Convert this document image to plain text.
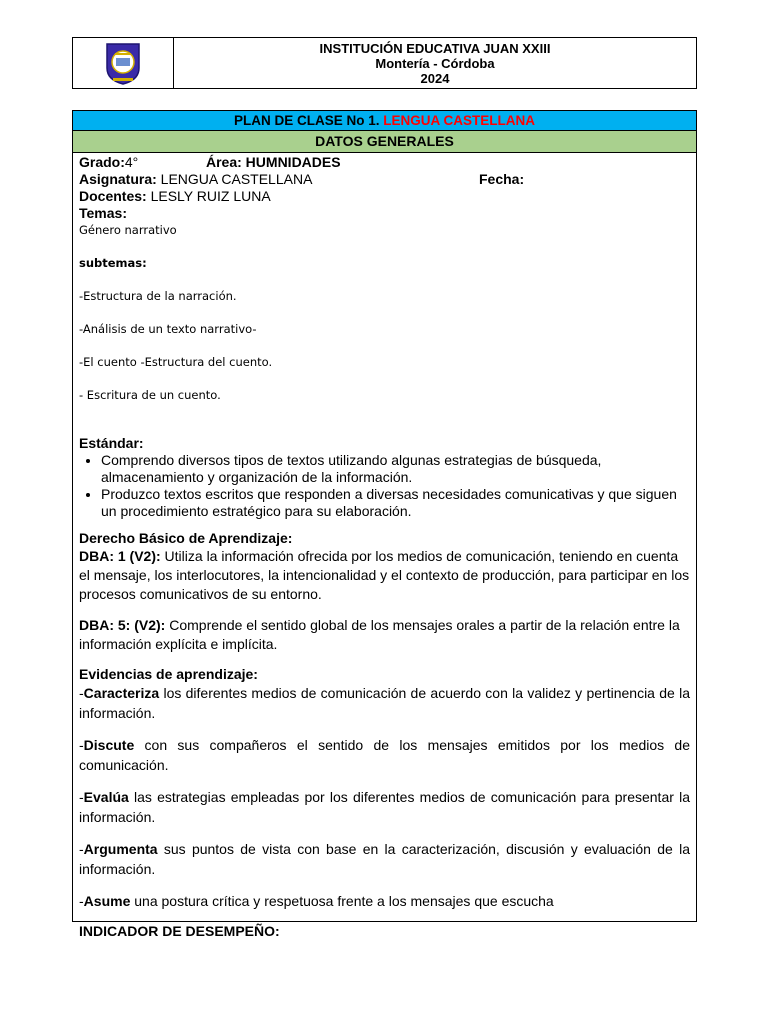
INSTITUCIÓN EDUCATIVA JUAN XXIII
Montería - Córdoba
2024
PLAN DE CLASE No 1. LENGUA CASTELLANA
DATOS GENERALES
Grado:4°	Área: HUMNIDADES
Asignatura: LENGUA CASTELLANA	Fecha:
Docentes: LESLY RUIZ LUNA
Temas:
Género narrativo
subtemas:
-Estructura de la narración.
-Análisis de un texto narrativo-
-El cuento -Estructura del cuento.
- Escritura de un cuento.
Estándar:
• Comprendo diversos tipos de textos utilizando algunas estrategias de búsqueda, almacenamiento y organización de la información.
• Produzco textos escritos que responden a diversas necesidades comunicativas y que siguen un procedimiento estratégico para su elaboración.
Derecho Básico de Aprendizaje:
DBA: 1 (V2): Utiliza la información ofrecida por los medios de comunicación, teniendo en cuenta el mensaje, los interlocutores, la intencionalidad y el contexto de producción, para participar en los procesos comunicativos de su entorno.
DBA: 5: (V2): Comprende el sentido global de los mensajes orales a partir de la relación entre la información explícita e implícita.
Evidencias de aprendizaje:
-Caracteriza los diferentes medios de comunicación de acuerdo con la validez y pertinencia de la información.
-Discute con sus compañeros el sentido de los mensajes emitidos por los medios de comunicación.
-Evalúa las estrategias empleadas por los diferentes medios de comunicación para presentar la información.
-Argumenta sus puntos de vista con base en la caracterización, discusión y evaluación de la información.
-Asume una postura crítica y respetuosa frente a los mensajes que escucha
INDICADOR DE DESEMPEÑO:
